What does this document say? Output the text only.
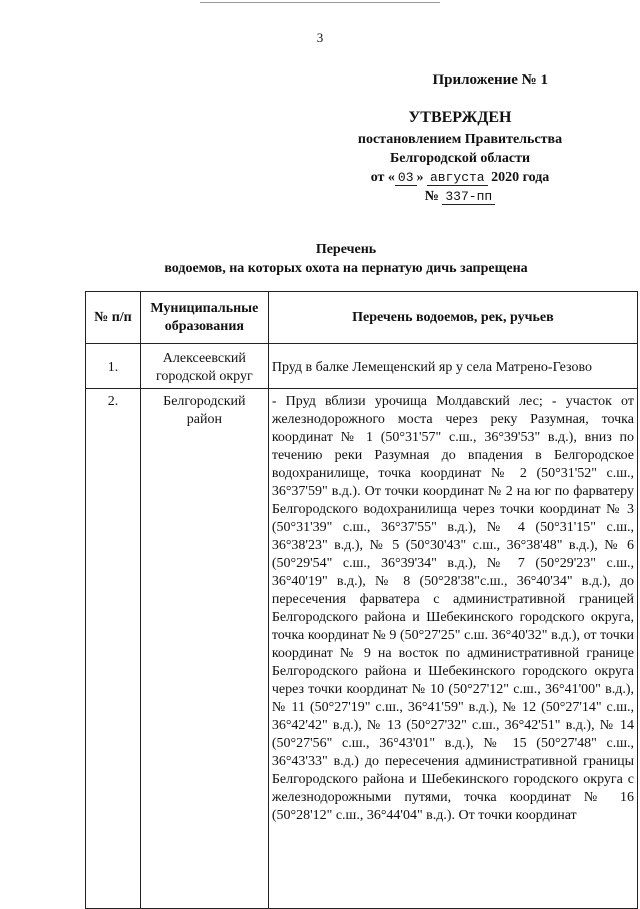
3
Приложение № 1
УТВЕРЖДЕН
постановлением Правительства
Белгородской области
от « 03 » августа 2020 года
№ 337-пп
Перечень
водоемов, на которых охота на пернатую дичь запрещена
№ п/п	Муниципальные образования	Перечень водоемов, рек, ручьев
1.	Алексеевский городской округ	Пруд в балке Лемещенский яр у села Матрено-Гезово
2.	Белгородский район	- Пруд вблизи урочища Молдавский лес; - участок от железнодорожного моста через реку Разумная, точка координат № 1 (50°31'57" с.ш., 36°39'53" в.д.), вниз по течению реки Разумная до впадения в Белгородское водохранилище, точка координат № 2 (50°31'52" с.ш., 36°37'59" в.д.). От точки координат № 2 на юг по фарватеру Белгородского водохранилища через точки координат № 3 (50°31'39" с.ш., 36°37'55" в.д.), № 4 (50°31'15" с.ш., 36°38'23" в.д.), № 5 (50°30'43" с.ш., 36°38'48" в.д.), № 6 (50°29'54" с.ш., 36°39'34" в.д.), № 7 (50°29'23" с.ш., 36°40'19" в.д.), № 8 (50°28'38"с.ш., 36°40'34" в.д.), до пересечения фарватера с административной границей Белгородского района и Шебекинского городского округа, точка координат № 9 (50°27'25" с.ш. 36°40'32" в.д.), от точки координат № 9 на восток по административной границе Белгородского района и Шебекинского городского округа через точки координат № 10 (50°27'12" с.ш., 36°41'00" в.д.), № 11 (50°27'19" с.ш., 36°41'59" в.д.), № 12 (50°27'14" с.ш., 36°42'42" в.д.), № 13 (50°27'32" с.ш., 36°42'51" в.д.), № 14 (50°27'56" с.ш., 36°43'01" в.д.), № 15 (50°27'48" с.ш., 36°43'33" в.д.) до пересечения административной границы Белгородского района и Шебекинского городского округа с железнодорожными путями, точка координат № 16 (50°28'12" с.ш., 36°44'04" в.д.). От точки координат
